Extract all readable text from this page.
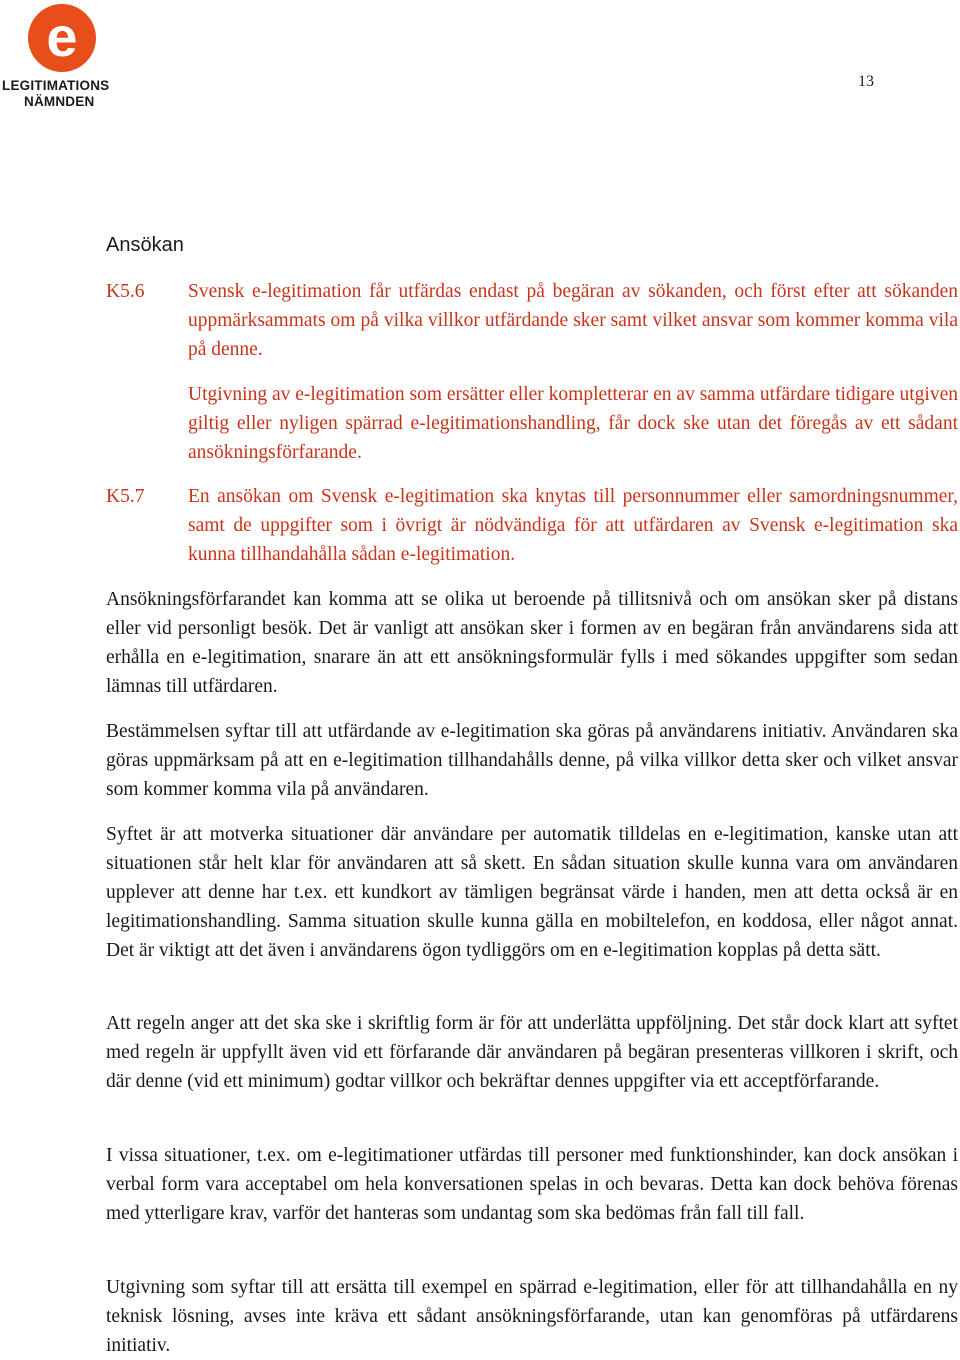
e
LEGITIMATIONS
NÄMNDEN
13
Ansökan
K5.6	Svensk e-legitimation får utfärdas endast på begäran av sökanden, och först efter att sökanden uppmärksammats om på vilka villkor utfärdande sker samt vilket ansvar som kommer komma vila på denne.

Utgivning av e-legitimation som ersätter eller kompletterar en av samma utfärdare tidigare utgiven giltig eller nyligen spärrad e-legitimationshandling, får dock ske utan det föregås av ett sådant ansökningsförfarande.

K5.7	En ansökan om Svensk e-legitimation ska knytas till personnummer eller samordningsnummer, samt de uppgifter som i övrigt är nödvändiga för att utfärdaren av Svensk e-legitimation ska kunna tillhandahålla sådan e-legitimation.

Ansökningsförfarandet kan komma att se olika ut beroende på tillitsnivå och om ansökan sker på distans eller vid personligt besök. Det är vanligt att ansökan sker i formen av en begäran från användarens sida att erhålla en e-legitimation, snarare än att ett ansökningsformulär fylls i med sökandes uppgifter som sedan lämnas till utfärdaren.

Bestämmelsen syftar till att utfärdande av e-legitimation ska göras på användarens initiativ. Användaren ska göras uppmärksam på att en e-legitimation tillhandahålls denne, på vilka villkor detta sker och vilket ansvar som kommer komma vila på användaren.

Syftet är att motverka situationer där användare per automatik tilldelas en e-legitimation, kanske utan att situationen står helt klar för användaren att så skett. En sådan situation skulle kunna vara om användaren upplever att denne har t.ex. ett kundkort av tämligen begränsat värde i handen, men att detta också är en legitimationshandling. Samma situation skulle kunna gälla en mobiltelefon, en koddosa, eller något annat. Det är viktigt att det även i användarens ögon tydliggörs om en e-legitimation kopplas på detta sätt.

Att regeln anger att det ska ske i skriftlig form är för att underlätta uppföljning. Det står dock klart att syftet med regeln är uppfyllt även vid ett förfarande där användaren på begäran presenteras villkoren i skrift, och där denne (vid ett minimum) godtar villkor och bekräftar dennes uppgifter via ett acceptförfarande.

I vissa situationer, t.ex. om e-legitimationer utfärdas till personer med funktionshinder, kan dock ansökan i verbal form vara acceptabel om hela konversationen spelas in och bevaras. Detta kan dock behöva förenas med ytterligare krav, varför det hanteras som undantag som ska bedömas från fall till fall.

Utgivning som syftar till att ersätta till exempel en spärrad e-legitimation, eller för att tillhandahålla en ny teknisk lösning, avses inte kräva ett sådant ansökningsförfarande, utan kan genomföras på utfärdarens initiativ.
